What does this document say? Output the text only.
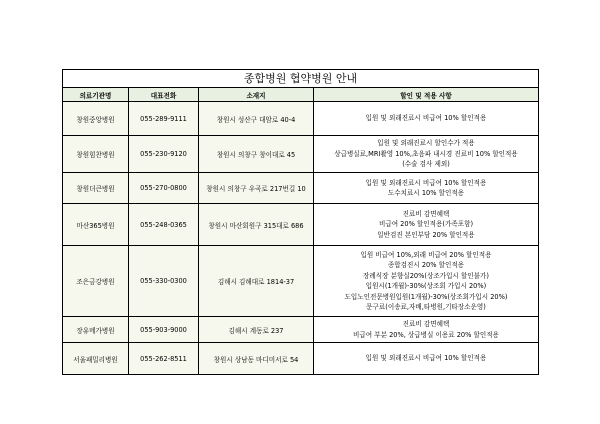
종합병원 협약병원 안내
의료기관명	대표전화	소재지	할인 및 적용 사항
창원중앙병원	055-289-9111	창원시 성산구 대암로 40-4	입원 및 외래진료시 비급여 10% 할인적용
창원힘찬병원	055-230-9120	창원시 의창구 창이대로 45
입원 및 외래진료시 할인수가 적용
상급병실료,MRI촬영 10%,초음파 내시경 진료비 10% 할인적용
(수술 검사 제외)
창원더큰병원	055-270-0800	창원시 의창구 우곡로 217번길 10
입원 및 외래진료시 비급여 10% 할인적용
도수치료시 10% 할인적용
마산365병원	055-248-0365	창원시 마산회원구 315대로 686
진료비 감면혜택
비급여 20% 할인적용(가족포함)
일반검진 본인부담 20% 할인적용
조은금강병원	055-330-0300	김해시 김해대로 1814-37
입원 비급여 10%,외래 비급여 20% 할인적용
종합검진시 20% 할인적용
장례식장 분향실20%(상조가입시 할인불가)
입원시(1개월)-30%(상조회 가입시 20%)
도입노인전문병원입원(1개월)-30%(상조회가입시 20%)
문구료(이송료,자배,타병원,기타장소운영)
장유메가병원	055-903-9000	김해시 계동로 237
진료비 감면혜택
비급여 부분 20%, 상급병실 이용료 20% 할인적용
서울패밀리병원	055-262-8511	창원시 상남동 마디미서로 54	입원 및 외래진료시 비급여 10% 할인적용
